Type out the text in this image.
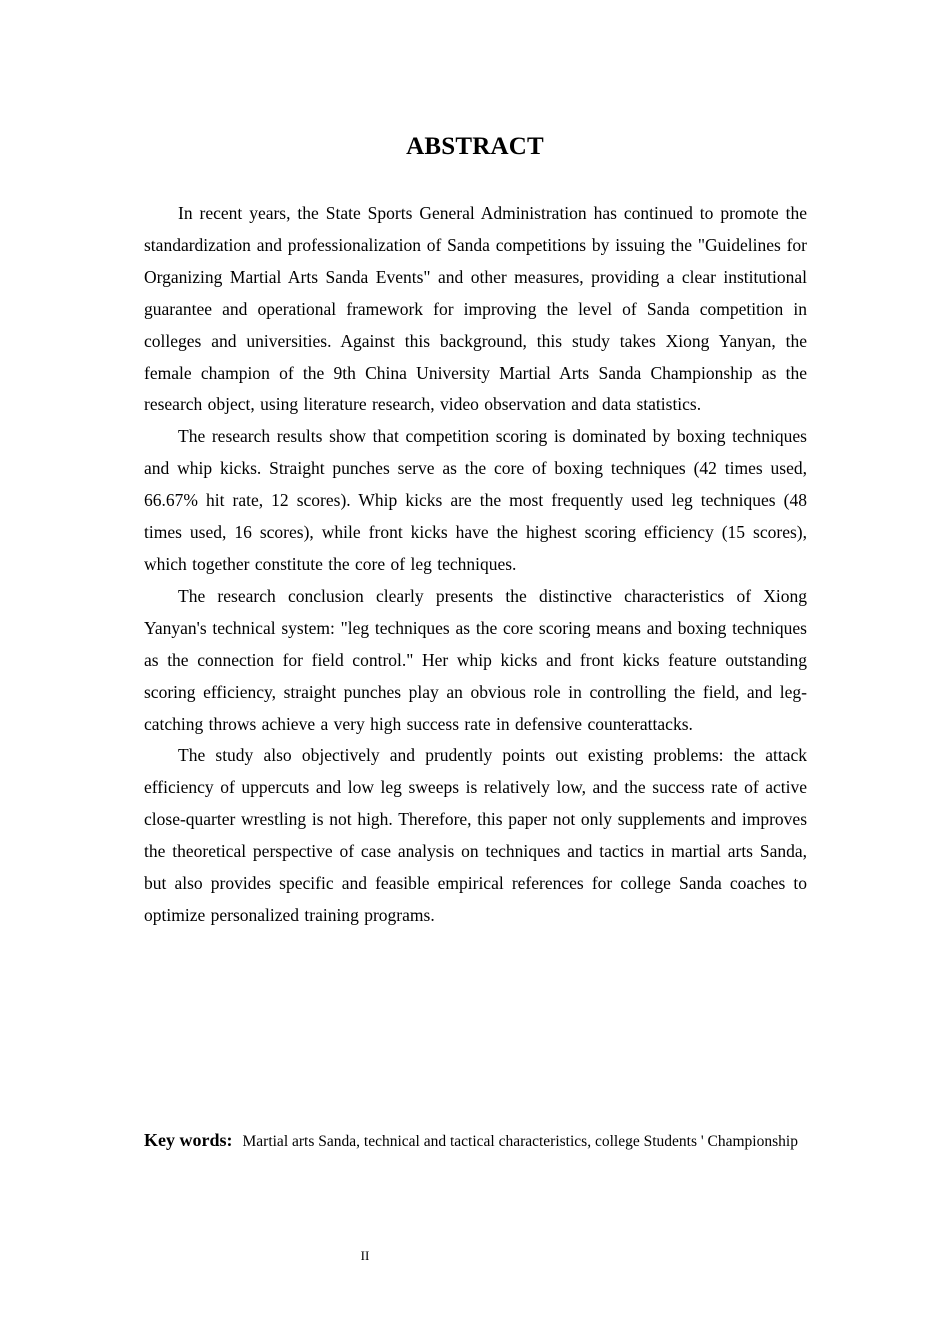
ABSTRACT

In recent years, the State Sports General Administration has continued to promote the standardization and professionalization of Sanda competitions by issuing the "Guidelines for Organizing Martial Arts Sanda Events" and other measures, providing a clear institutional guarantee and operational framework for improving the level of Sanda competition in colleges and universities. Against this background, this study takes Xiong Yanyan, the female champion of the 9th China University Martial Arts Sanda Championship as the research object, using literature research, video observation and data statistics.

The research results show that competition scoring is dominated by boxing techniques and whip kicks. Straight punches serve as the core of boxing techniques (42 times used, 66.67% hit rate, 12 scores). Whip kicks are the most frequently used leg techniques (48 times used, 16 scores), while front kicks have the highest scoring efficiency (15 scores), which together constitute the core of leg techniques.

The research conclusion clearly presents the distinctive characteristics of Xiong Yanyan's technical system: "leg techniques as the core scoring means and boxing techniques as the connection for field control." Her whip kicks and front kicks feature outstanding scoring efficiency, straight punches play an obvious role in controlling the field, and leg-catching throws achieve a very high success rate in defensive counterattacks.

The study also objectively and prudently points out existing problems: the attack efficiency of uppercuts and low leg sweeps is relatively low, and the success rate of active close-quarter wrestling is not high. Therefore, this paper not only supplements and improves the theoretical perspective of case analysis on techniques and tactics in martial arts Sanda, but also provides specific and feasible empirical references for college Sanda coaches to optimize personalized training programs.

Key words: Martial arts Sanda, technical and tactical characteristics, college Students ' Championship
II
